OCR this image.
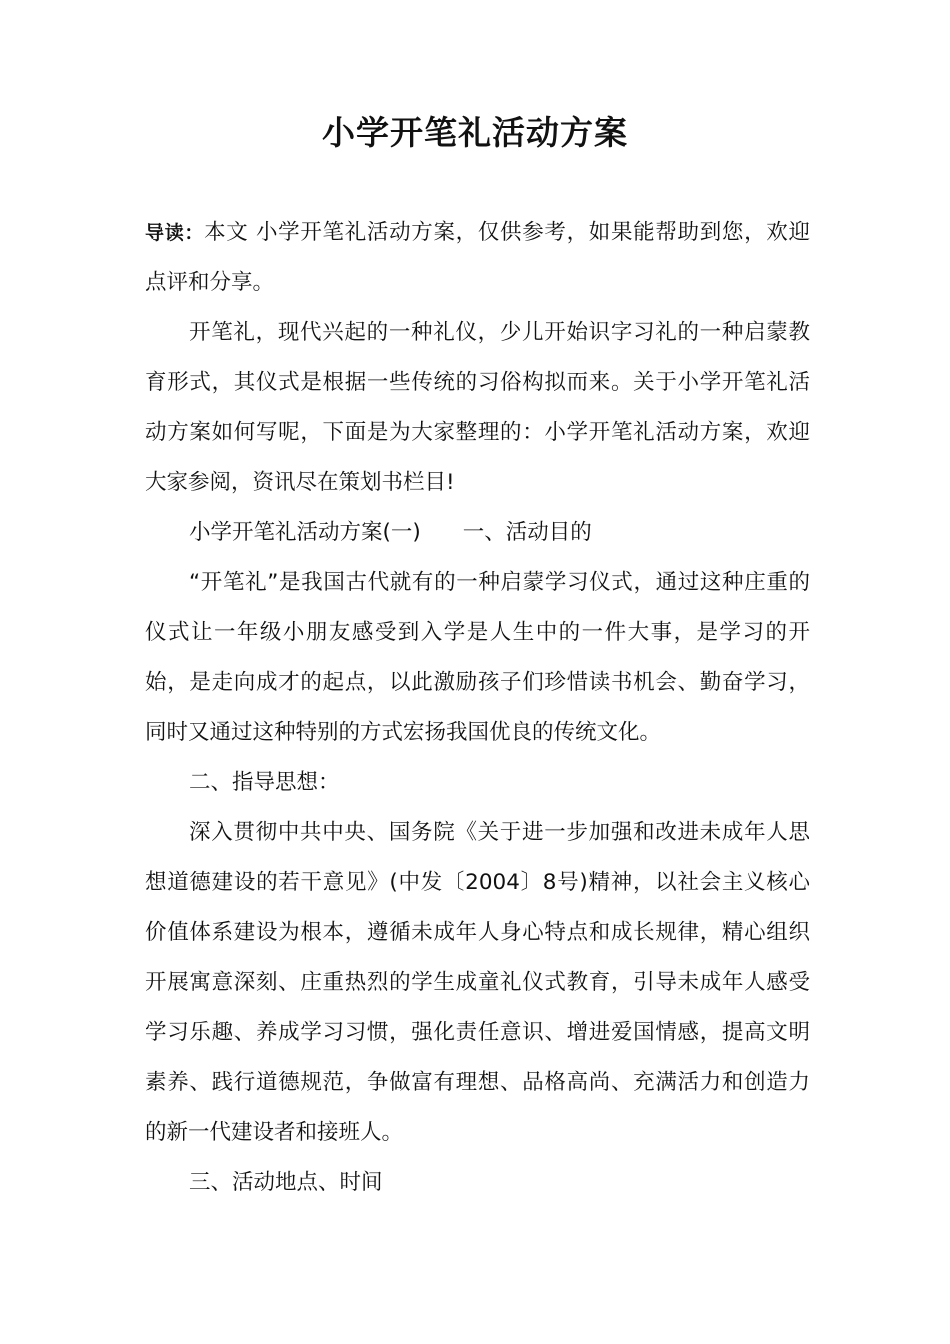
小学开笔礼活动方案

导读：本文 小学开笔礼活动方案，仅供参考，如果能帮助到您，欢迎点评和分享。

开笔礼，现代兴起的一种礼仪，少儿开始识字习礼的一种启蒙教育形式，其仪式是根据一些传统的习俗构拟而来。关于小学开笔礼活动方案如何写呢，下面是为大家整理的：小学开笔礼活动方案，欢迎大家参阅，资讯尽在策划书栏目!

小学开笔礼活动方案(一) 一、活动目的

“开笔礼”是我国古代就有的一种启蒙学习仪式，通过这种庄重的仪式让一年级小朋友感受到入学是人生中的一件大事，是学习的开始，是走向成才的起点，以此激励孩子们珍惜读书机会、勤奋学习，同时又通过这种特别的方式宏扬我国优良的传统文化。

二、指导思想：

深入贯彻中共中央、国务院《关于进一步加强和改进未成年人思想道德建设的若干意见》(中发〔2004〕8号)精神，以社会主义核心价值体系建设为根本，遵循未成年人身心特点和成长规律，精心组织开展寓意深刻、庄重热烈的学生成童礼仪式教育，引导未成年人感受学习乐趣、养成学习习惯，强化责任意识、增进爱国情感，提高文明素养、践行道德规范，争做富有理想、品格高尚、充满活力和创造力的新一代建设者和接班人。

三、活动地点、时间
